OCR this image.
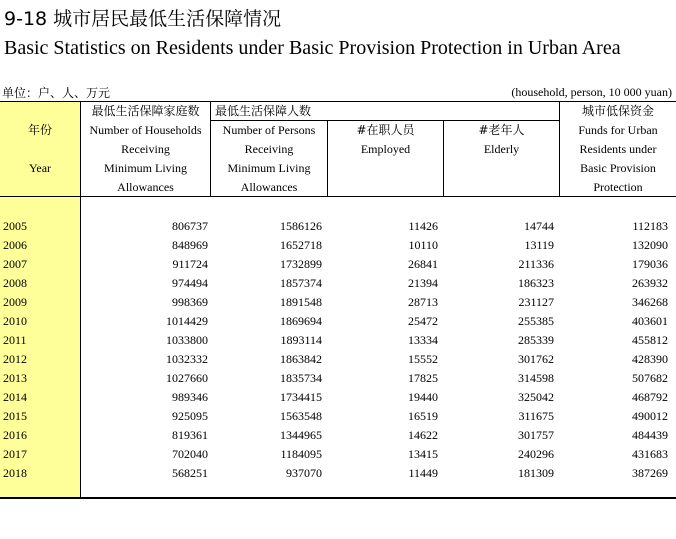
9-18 城市居民最低生活保障情况
Basic Statistics on Residents under Basic Provision Protection in Urban Area
单位：户、人、万元	(household, person, 10 000 yuan)
年份
Year
最低生活保障家庭数
Number of Households
Receiving
Minimum Living
Allowances
最低生活保障人数
Number of Persons
Receiving
Minimum Living
Allowances
#在职人员
Employed
#老年人
Elderly
城市低保资金
Funds for Urban
Residents under
Basic Provision
Protection
2005	806737	1586126	11426	14744	112183
2006	848969	1652718	10110	13119	132090
2007	911724	1732899	26841	211336	179036
2008	974494	1857374	21394	186323	263932
2009	998369	1891548	28713	231127	346268
2010	1014429	1869694	25472	255385	403601
2011	1033800	1893114	13334	285339	455812
2012	1032332	1863842	15552	301762	428390
2013	1027660	1835734	17825	314598	507682
2014	989346	1734415	19440	325042	468792
2015	925095	1563548	16519	311675	490012
2016	819361	1344965	14622	301757	484439
2017	702040	1184095	13415	240296	431683
2018	568251	937070	11449	181309	387269
